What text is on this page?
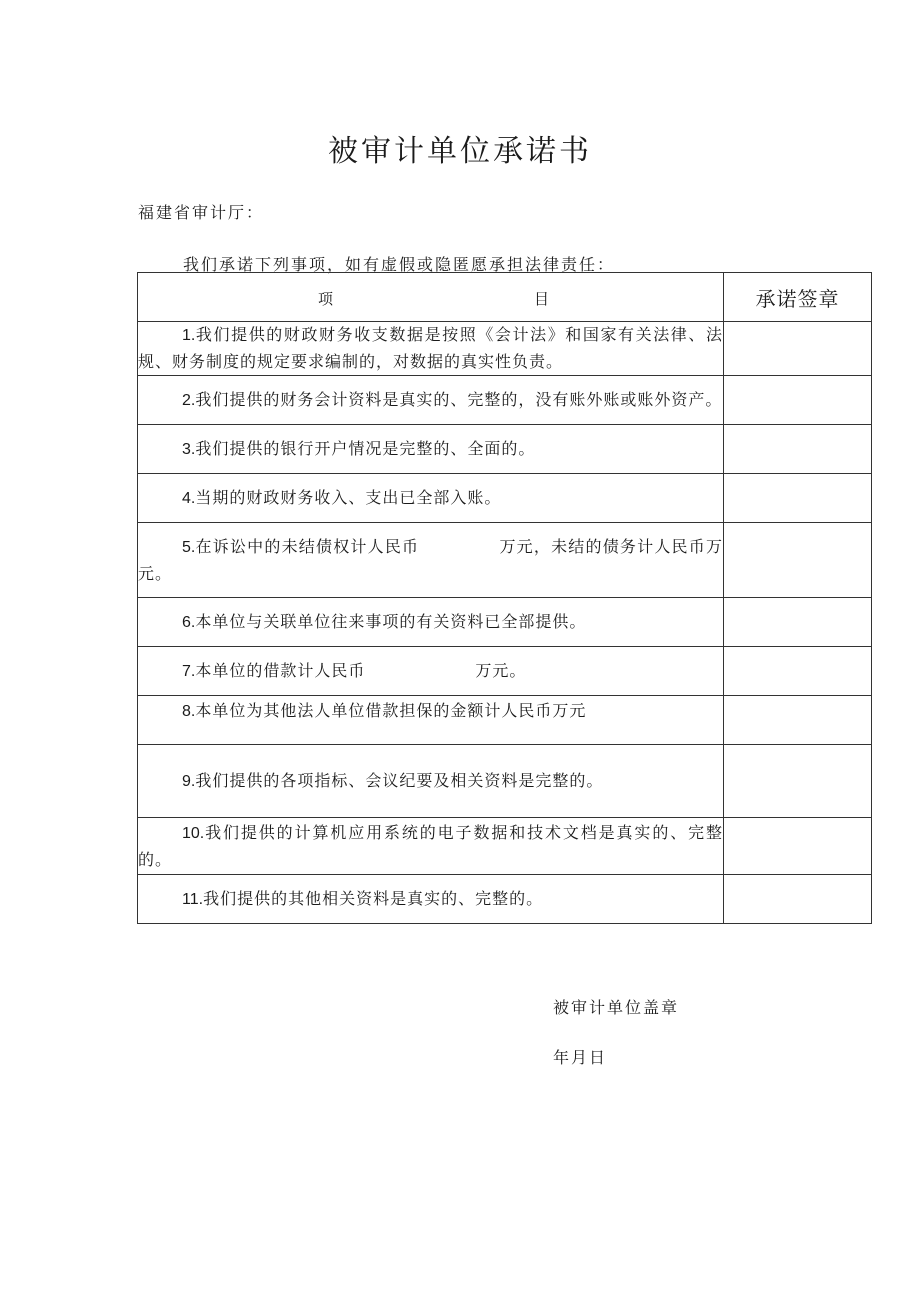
被审计单位承诺书
福建省审计厅：
我们承诺下列事项，如有虚假或隐匿愿承担法律责任：
项 目	承诺签章
1.我们提供的财政财务收支数据是按照《会计法》和国家有关法律、法规、财务制度的规定要求编制的，对数据的真实性负责。	
2.我们提供的财务会计资料是真实的、完整的，没有账外账或账外资产。	
3.我们提供的银行开户情况是完整的、全面的。	
4.当期的财政财务收入、支出已全部入账。	
5.在诉讼中的未结债权计人民币 万元，未结的债务计人民币万元。	
6.本单位与关联单位往来事项的有关资料已全部提供。	
7.本单位的借款计人民币 万元。	
8.本单位为其他法人单位借款担保的金额计人民币万元	
9.我们提供的各项指标、会议纪要及相关资料是完整的。	
10.我们提供的计算机应用系统的电子数据和技术文档是真实的、完整的。	
11.我们提供的其他相关资料是真实的、完整的。	
被审计单位盖章
年月日
